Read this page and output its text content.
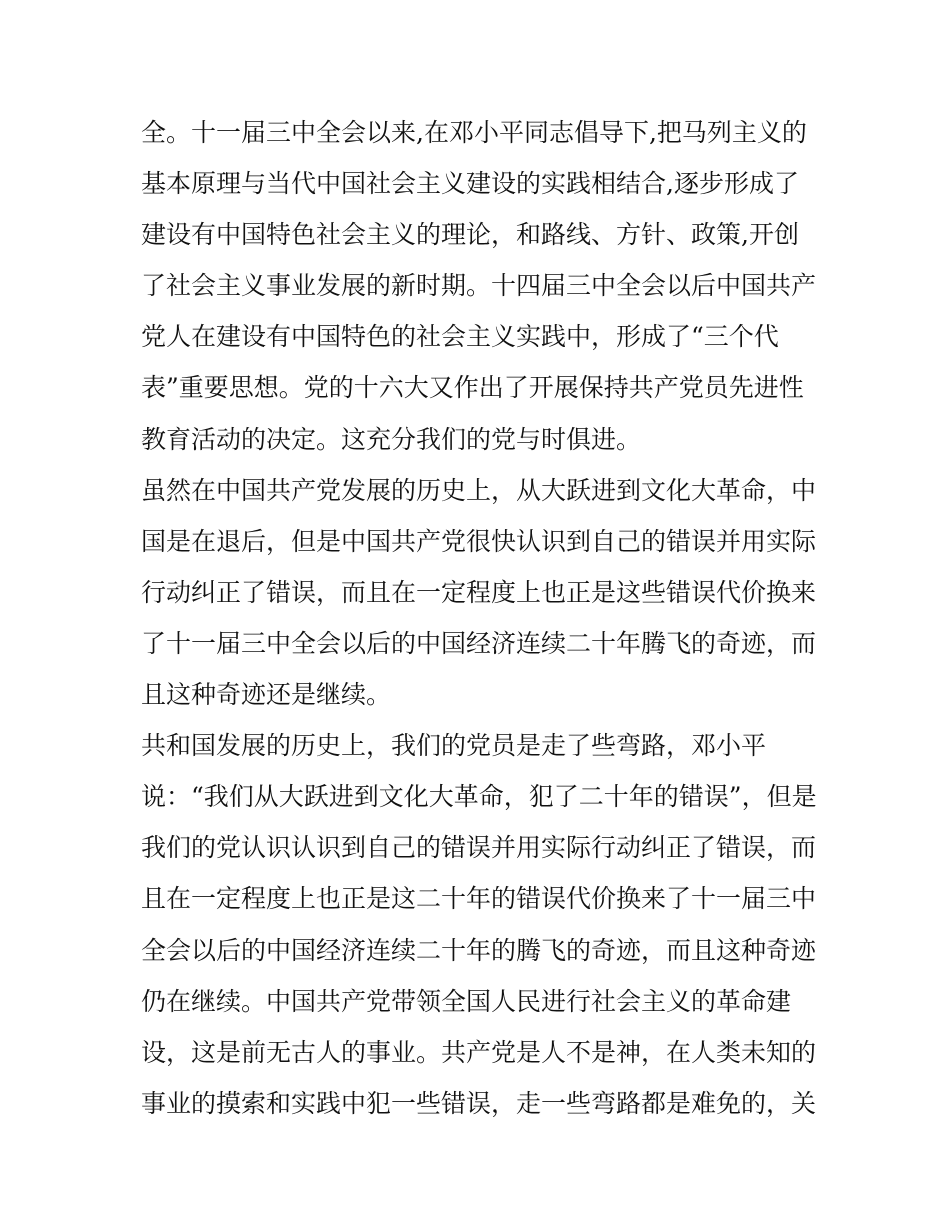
全。十一届三中全会以来,在邓小平同志倡导下,把马列主义的
基本原理与当代中国社会主义建设的实践相结合,逐步形成了
建设有中国特色社会主义的理论，和路线、方针、政策,开创
了社会主义事业发展的新时期。十四届三中全会以后中国共产
党人在建设有中国特色的社会主义实践中，形成了“三个代
表”重要思想。党的十六大又作出了开展保持共产党员先进性
教育活动的决定。这充分我们的党与时俱进。
虽然在中国共产党发展的历史上，从大跃进到文化大革命，中
国是在退后，但是中国共产党很快认识到自己的错误并用实际
行动纠正了错误，而且在一定程度上也正是这些错误代价换来
了十一届三中全会以后的中国经济连续二十年腾飞的奇迹，而
且这种奇迹还是继续。
共和国发展的历史上，我们的党员是走了些弯路，邓小平
说：“我们从大跃进到文化大革命，犯了二十年的错误”，但是
我们的党认识认识到自己的错误并用实际行动纠正了错误，而
且在一定程度上也正是这二十年的错误代价换来了十一届三中
全会以后的中国经济连续二十年的腾飞的奇迹，而且这种奇迹
仍在继续。中国共产党带领全国人民进行社会主义的革命建
设，这是前无古人的事业。共产党是人不是神，在人类未知的
事业的摸索和实践中犯一些错误，走一些弯路都是难免的，关
